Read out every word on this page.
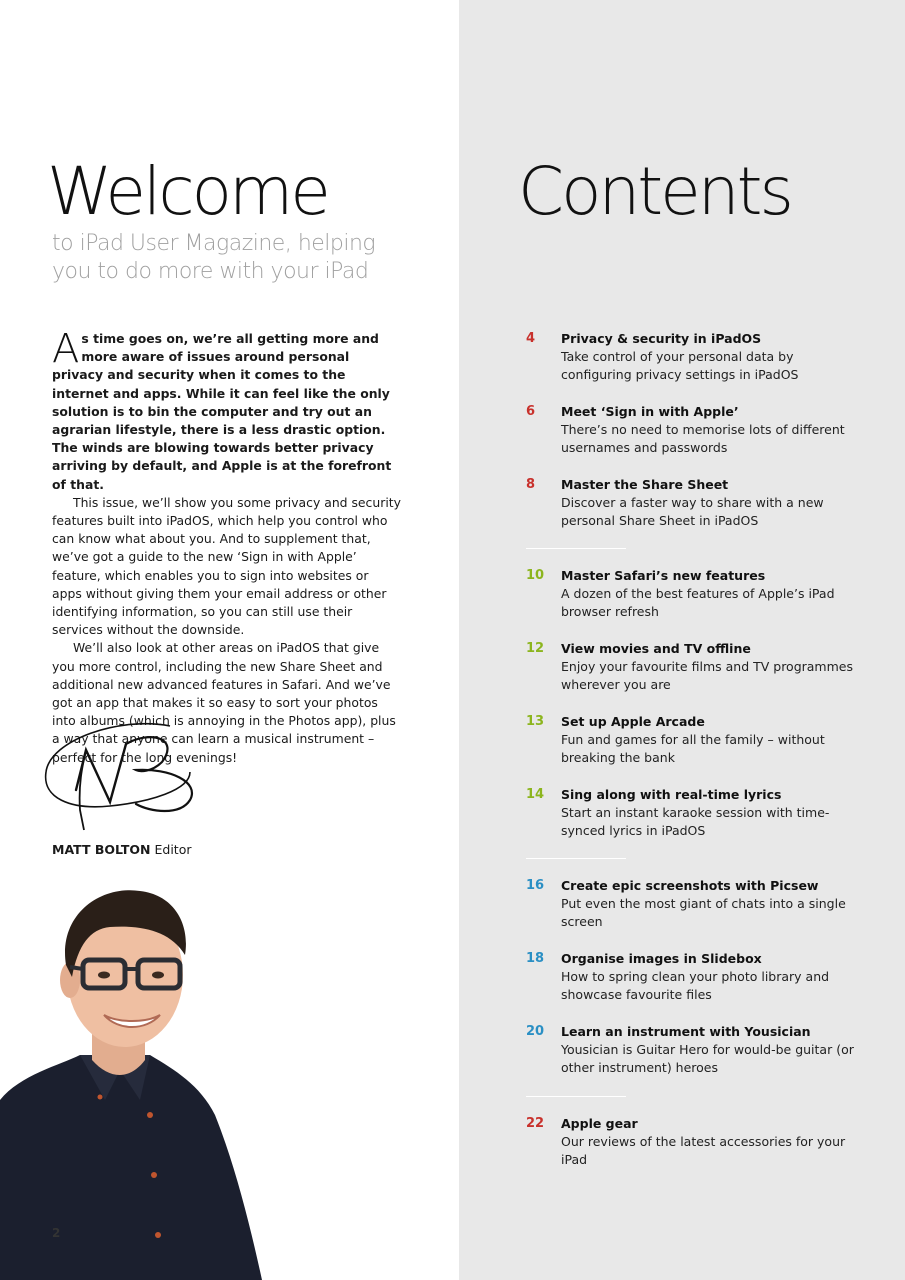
Welcome

to iPad User Magazine, helping you to do more with your iPad

As time goes on, we’re all getting more and more aware of issues around personal privacy and security when it comes to the internet and apps. While it can feel like the only solution is to bin the computer and try out an agrarian lifestyle, there is a less drastic option. The winds are blowing towards better privacy arriving by default, and Apple is at the forefront of that.

This issue, we’ll show you some privacy and security features built into iPadOS, which help you control who can know what about you. And to supplement that, we’ve got a guide to the new ‘Sign in with Apple’ feature, which enables you to sign into websites or apps without giving them your email address or other identifying information, so you can still use their services without the downside.

We’ll also look at other areas on iPadOS that give you more control, including the new Share Sheet and additional new advanced features in Safari. And we’ve got an app that makes it so easy to sort your photos into albums (which is annoying in the Photos app), plus a way that anyone can learn a musical instrument – perfect for the long evenings!

MATT BOLTON Editor
2
Contents
4 Privacy & security in iPadOS
Take control of your personal data by configuring privacy settings in iPadOS
6 Meet ‘Sign in with Apple’
There’s no need to memorise lots of different usernames and passwords
8 Master the Share Sheet
Discover a faster way to share with a new personal Share Sheet in iPadOS
10 Master Safari’s new features
A dozen of the best features of Apple’s iPad browser refresh
12 View movies and TV offline
Enjoy your favourite films and TV programmes wherever you are
13 Set up Apple Arcade
Fun and games for all the family – without breaking the bank
14 Sing along with real-time lyrics
Start an instant karaoke session with time-synced lyrics in iPadOS
16 Create epic screenshots with Picsew
Put even the most giant of chats into a single screen
18 Organise images in Slidebox
How to spring clean your photo library and showcase favourite files
20 Learn an instrument with Yousician
Yousician is Guitar Hero for would-be guitar (or other instrument) heroes
22 Apple gear
Our reviews of the latest accessories for your iPad
